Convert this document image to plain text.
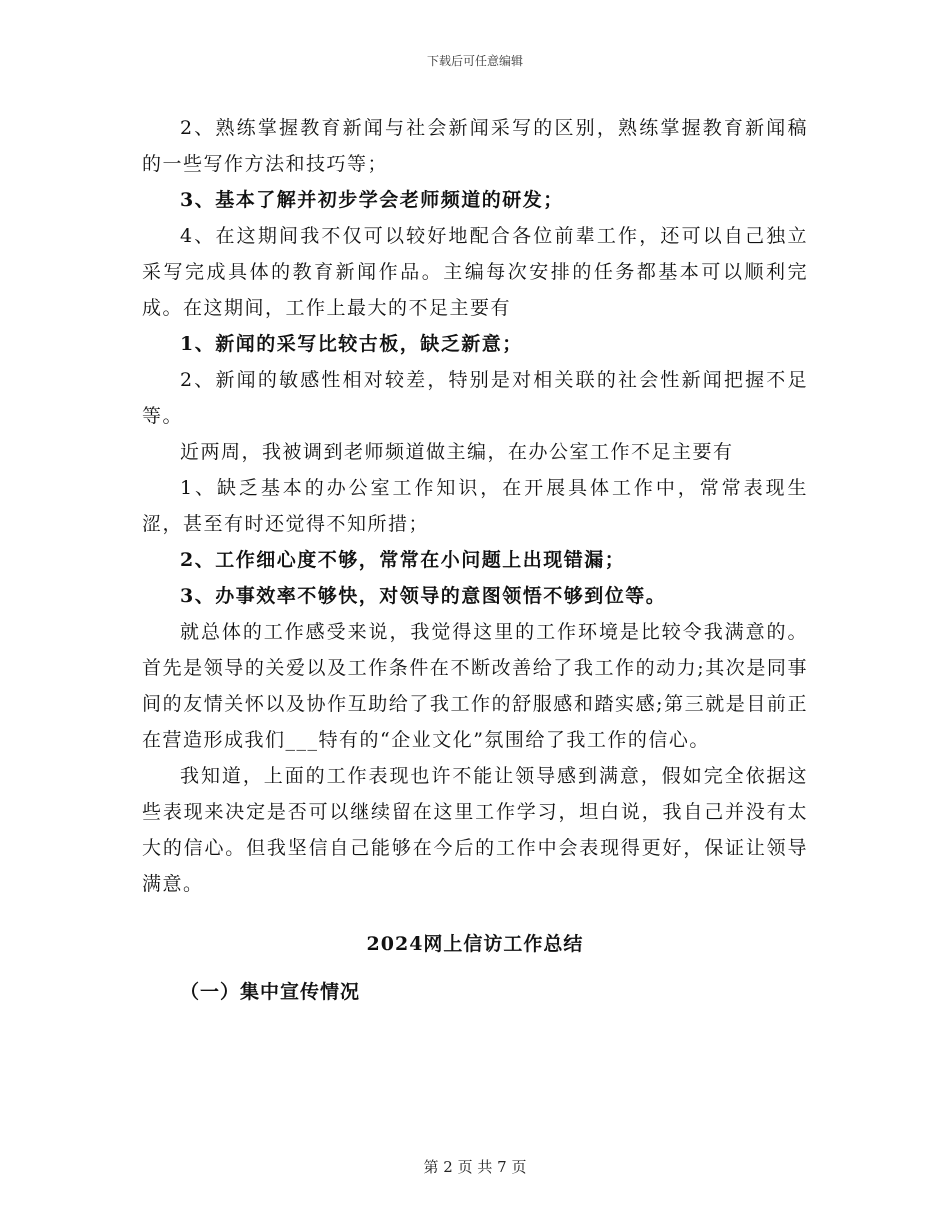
下载后可任意编辑

2、熟练掌握教育新闻与社会新闻采写的区别，熟练掌握教育新闻稿的一些写作方法和技巧等；

3、基本了解并初步学会老师频道的研发；

4、在这期间我不仅可以较好地配合各位前辈工作，还可以自己独立采写完成具体的教育新闻作品。主编每次安排的任务都基本可以顺利完成。在这期间，工作上最大的不足主要有

1、新闻的采写比较古板，缺乏新意；

2、新闻的敏感性相对较差，特别是对相关联的社会性新闻把握不足等。

近两周，我被调到老师频道做主编，在办公室工作不足主要有

1、缺乏基本的办公室工作知识，在开展具体工作中，常常表现生涩，甚至有时还觉得不知所措；

2、工作细心度不够，常常在小问题上出现错漏；

3、办事效率不够快，对领导的意图领悟不够到位等。

就总体的工作感受来说，我觉得这里的工作环境是比较令我满意的。首先是领导的关爱以及工作条件在不断改善给了我工作的动力;其次是同事间的友情关怀以及协作互助给了我工作的舒服感和踏实感;第三就是目前正在营造形成我们___特有的“企业文化”氛围给了我工作的信心。

我知道，上面的工作表现也许不能让领导感到满意，假如完全依据这些表现来决定是否可以继续留在这里工作学习，坦白说，我自己并没有太大的信心。但我坚信自己能够在今后的工作中会表现得更好，保证让领导满意。

2024网上信访工作总结
（一）集中宣传情况
第 2 页 共 7 页
